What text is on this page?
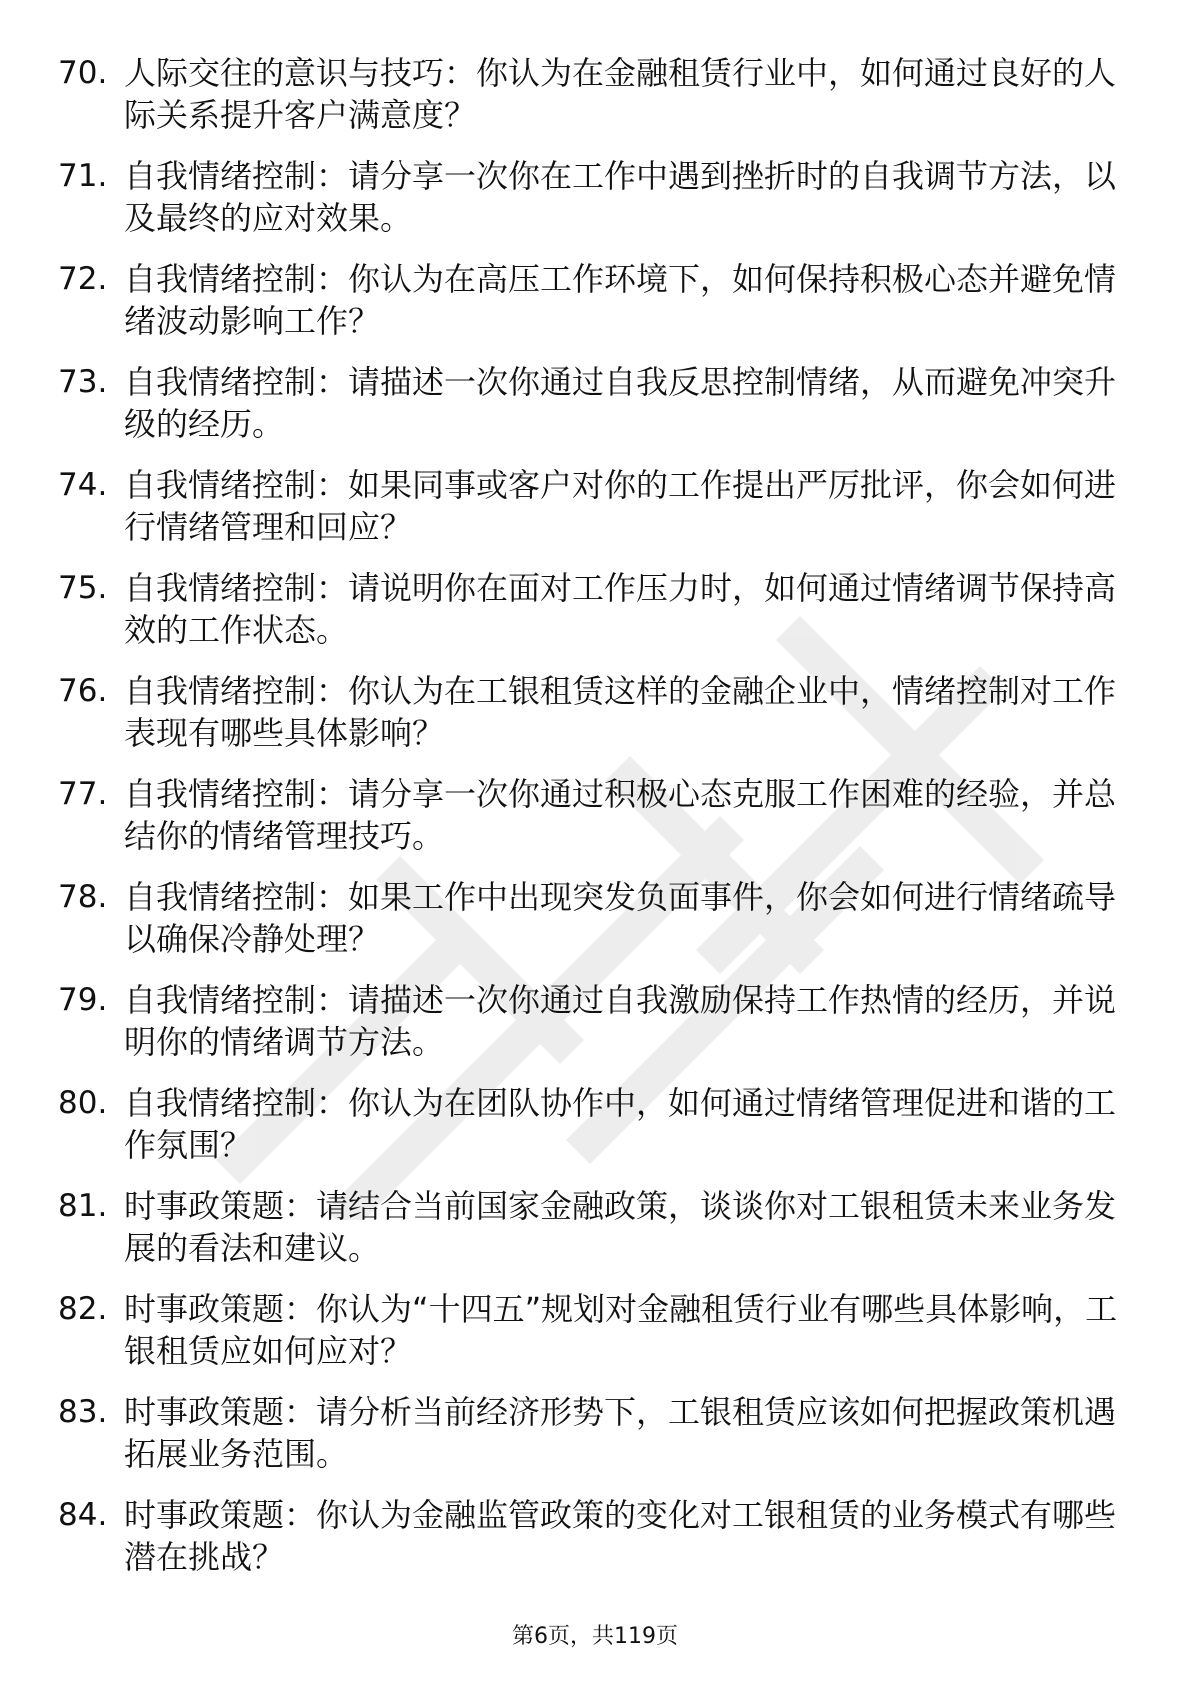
70. 人际交往的意识与技巧：你认为在金融租赁行业中，如何通过良好的人际关系提升客户满意度？
71. 自我情绪控制：请分享一次你在工作中遇到挫折时的自我调节方法，以及最终的应对效果。
72. 自我情绪控制：你认为在高压工作环境下，如何保持积极心态并避免情绪波动影响工作？
73. 自我情绪控制：请描述一次你通过自我反思控制情绪，从而避免冲突升级的经历。
74. 自我情绪控制：如果同事或客户对你的工作提出严厉批评，你会如何进行情绪管理和回应？
75. 自我情绪控制：请说明你在面对工作压力时，如何通过情绪调节保持高效的工作状态。
76. 自我情绪控制：你认为在工银租赁这样的金融企业中，情绪控制对工作表现有哪些具体影响？
77. 自我情绪控制：请分享一次你通过积极心态克服工作困难的经验，并总结你的情绪管理技巧。
78. 自我情绪控制：如果工作中出现突发负面事件，你会如何进行情绪疏导以确保冷静处理？
79. 自我情绪控制：请描述一次你通过自我激励保持工作热情的经历，并说明你的情绪调节方法。
80. 自我情绪控制：你认为在团队协作中，如何通过情绪管理促进和谐的工作氛围？
81. 时事政策题：请结合当前国家金融政策，谈谈你对工银租赁未来业务发展的看法和建议。
82. 时事政策题：你认为“十四五”规划对金融租赁行业有哪些具体影响，工银租赁应如何应对？
83. 时事政策题：请分析当前经济形势下，工银租赁应该如何把握政策机遇拓展业务范围。
84. 时事政策题：你认为金融监管政策的变化对工银租赁的业务模式有哪些潜在挑战？
第6页，共119页
